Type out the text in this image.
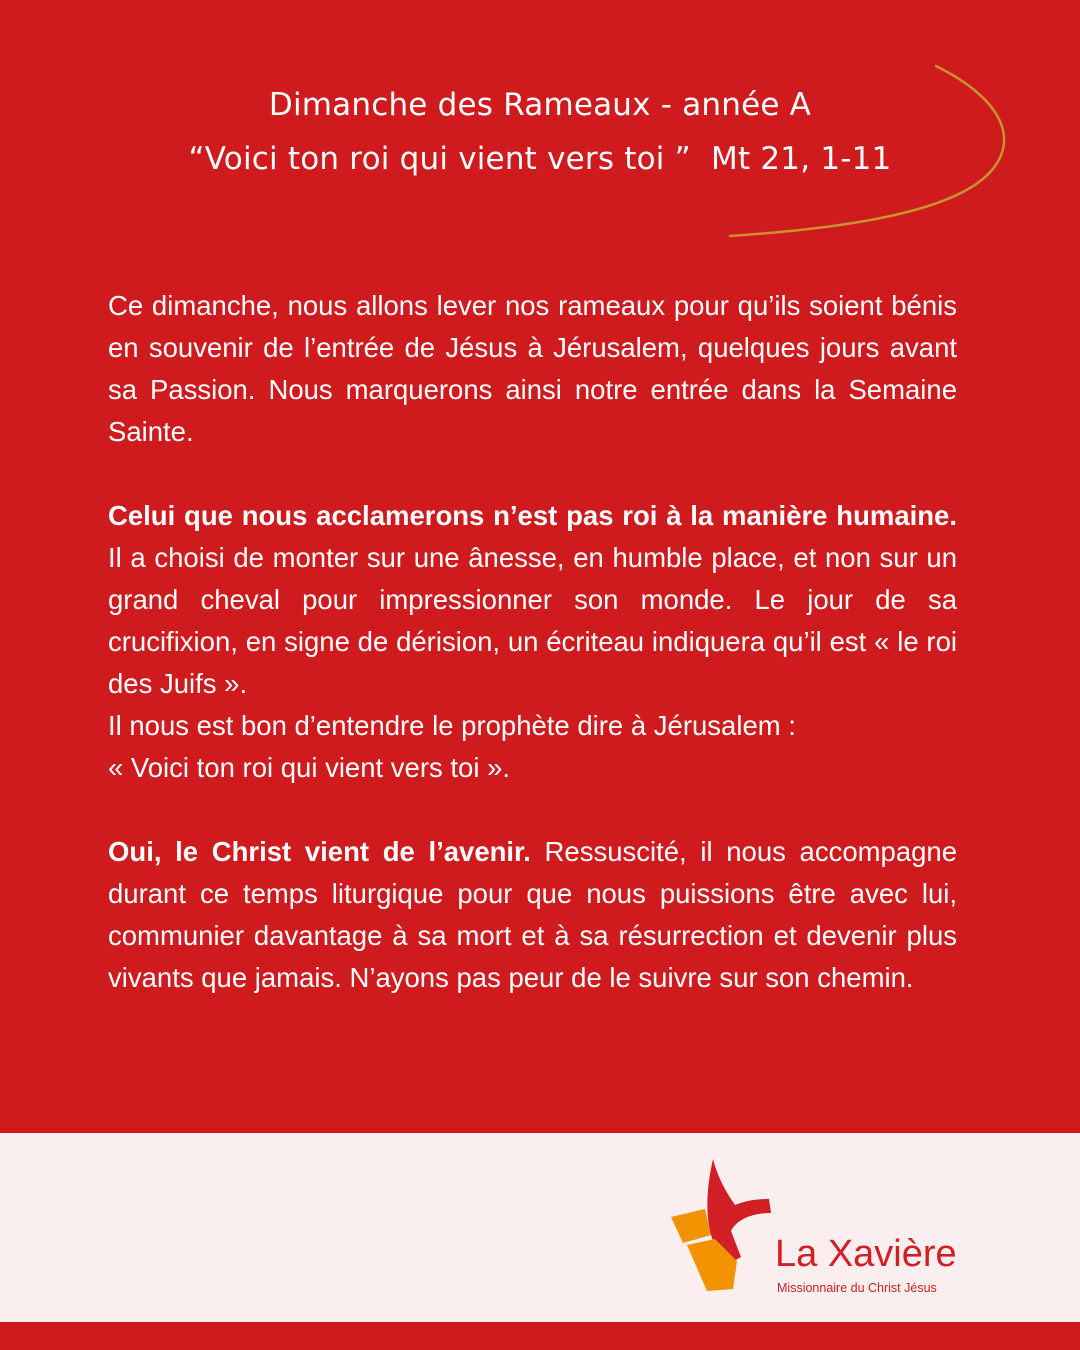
Dimanche des Rameaux - année A
“Voici ton roi qui vient vers toi ”  Mt 21, 1-11

Ce dimanche, nous allons lever nos rameaux pour qu’ils soient bénis en souvenir de l’entrée de Jésus à Jérusalem, quelques jours avant sa Passion. Nous marquerons ainsi notre entrée dans la Semaine Sainte.

Celui que nous acclamerons n’est pas roi à la manière humaine. Il a choisi de monter sur une ânesse, en humble place, et non sur un grand cheval pour impressionner son monde. Le jour de sa crucifixion, en signe de dérision, un écriteau indiquera qu’il est « le roi des Juifs ».

Il nous est bon d’entendre le prophète dire à Jérusalem :

« Voici ton roi qui vient vers toi ».

Oui, le Christ vient de l’avenir. Ressuscité, il nous accompagne durant ce temps liturgique pour que nous puissions être avec lui, communier davantage à sa mort et à sa résurrection et devenir plus vivants que jamais. N’ayons pas peur de le suivre sur son chemin.

La Xavière
Missionnaire du Christ Jésus
